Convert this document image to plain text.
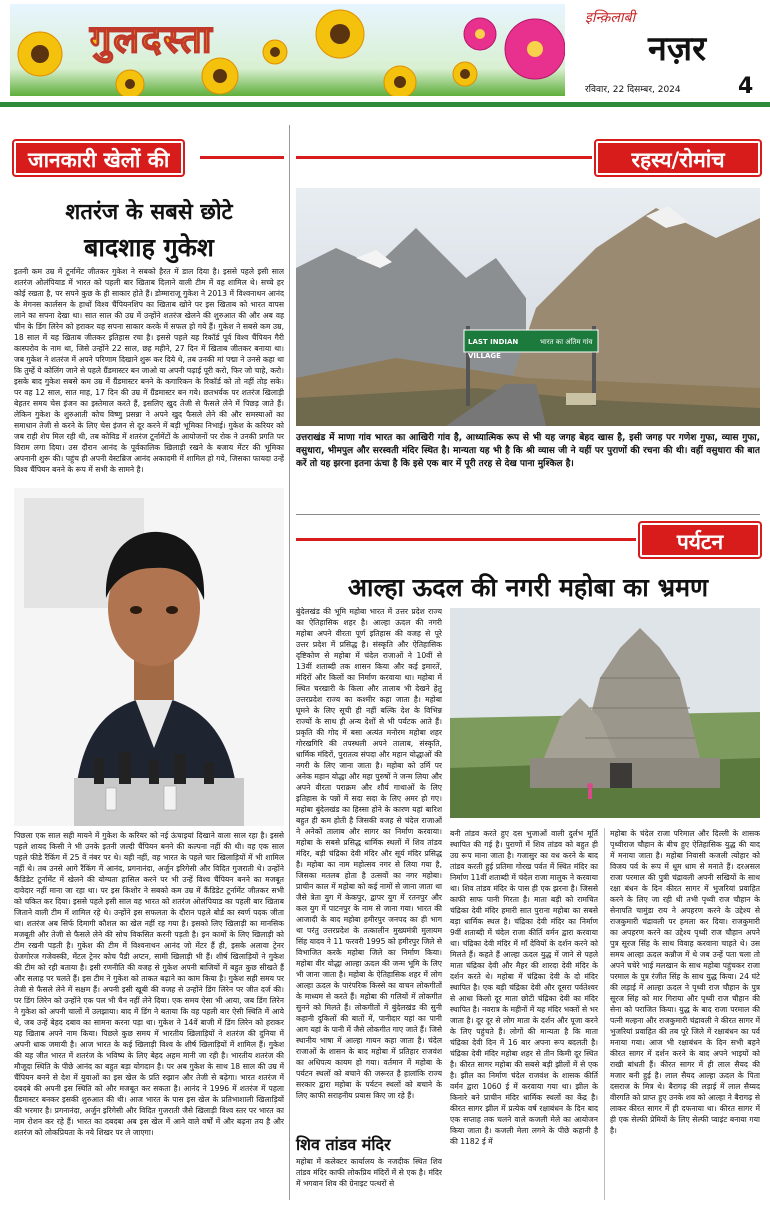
गुलदस्ता	इन्क़िलाबी
नज़र
रविवार, 22 दिसम्बर, 2024	4
जानकारी खेलों की
शतरंज के सबसे छोटे
बादशाह गुकेश
इतनी कम उम्र में टूर्नामेंट जीतकर गुकेश ने सबको हैरत में डाल दिया है। इससे पहले इसी साल शतरंज ओलंपियाड में भारत को पहली बार खिताब दिलाने वाली टीम में वह शामिल थे। सच्चे हर कोई रखता है, पर सपने कुछ के ही साकार होते हैं। डोम्माराजू गुकेश ने 2013 में विश्वनाथन आनंद के मेगनस कार्लसन के हाथों विश्व चैंपियनशिप का खिताब खोने पर इस खिताब को भारत वापस लाने का सपना देखा था। सात साल की उम्र में उन्होंने शतरंज खेलने की शुरुआत की और अब वह चीन के डिंग लिरेन को हराकर यह सपना साकार करके में सफल हो गये हैं। गुकेश ने सबसे कम उम्र, 18 साल में यह खिताब जीतकर इतिहास रचा है। इससे पहले यह रिकॉर्ड पूर्व विश्व चैंपियन गैरी कास्परोव के नाम था, जिसे उन्होंने 22 साल, छह महीने, 27 दिन में खिताब जीतकर बनाया था। जब गुकेश ने शतरंज में अपने परिणाम दिखाने शुरू कर दिये थे, तब उनकी मां पद्मा ने उनसे कहा था कि तुम्हें ये कोलिंग जाने से पहले ग्रैंडमास्टर बन जाओ या अपनी पढ़ाई पूरी करो, फिर जो चाहे, करो। इसके बाद गुकेश सबसे कम उम्र में ग्रैंडमास्टर बनने के कगारिकन के रिकॉर्ड को तो नहीं तोड़ सके। पर वह 12 साल, सात माह, 17 दिन की उम्र में ग्रैंडमास्टर बन गये। छतभर्वक पर शतरंज खिलाड़ी बेहतर समय चेस इंजन का इस्तेमाल करते हैं, इसलिए खुद तेजी से फैसले लेने में पिछड़ जाते हैं। लेकिन गुकेश के शुरुआती कोच विष्णु प्रसन्ना ने अपने खुद फैसले लेने की और समस्याओं का समाधान तेजी से करने के लिए चेस इंजन से दूर करने में बड़ी भूमिका निभाई। गुकेश के करियर को जब राही शेप मिल रही थी, तब कोविड में शतरंज टूर्नामेंटों के आयोजनों पर रोक ने उनकी प्रगति पर विराम लगा दिया। उस दौरान आनंद के पूर्वकालिक खिलाड़ी रखने के बजाय मेंटर की भूमिका अपनानी शुरू की। पहुंच ही अपनी वेस्टब्रिज आनंद अकादमी में शामिल हो गये, जिसका फायदा उन्हें विश्व चैंपियन बनने के रूप में सभी के सामने है।
पिछला एक साल सही मायने में गुकेश के करियर को नई ऊंचाइयां दिखाने वाला साल रहा है। इससे पहले शायद किसी ने भी उनके इतनी जल्दी चैंपियन बनने की कल्पना नहीं की थी। वह एक साल पहले फीडे रैंकिंग में 25 वें नंबर पर थे। यही नहीं, वह भारत के पहले चार खिलाड़ियों में भी शामिल नहीं थे। तब उनसे आगे रैंकिंग में आनंद, प्रगनानंदा, अर्जुन इरिगेसी और विदित गुजराती थे। उन्होंने कैंडिडेट टूर्नामेंट में खेलने की योग्यता हासिल करने पर भी उन्हें विश्व चैंपियन बनने का मजबूत दावेदार नहीं माना जा रहा था। पर इस किशोर ने सबको कम उम्र में कैंडिडेट टूर्नामेंट जीतकर सभी को चकित कर दिया। इससे पहले इसी साल वह भारत को शतरंज ओलंपियाड का पहली बार खिताब जिताने वाली टीम में शामिल रहे थे। उन्होंने इस सफलता के दौरान पहले बोर्ड का स्वर्ण पदक जीता था। शतरंज अब सिर्फ दिमागी कौशल का खेल नहीं रह गया है। इसको लिए खिलाड़ी का मानसिक मजबूती और तेजी से फैसले लेने की सोच विकसित करनी पड़ती है। इन कामों के लिए खिलाड़ी को टीम रखनी पड़ती है। गुकेश की टीम में विश्वनाथन आनंद जो मेंटर हैं ही, इसके अलावा ट्रेनर ग्रेजगोरज गजेवस्की, मेंटल ट्रेनर कोच पैडी अप्टन, सामी खिलाड़ी भी हैं। शीर्ष खिलाड़ियों ने गुकेश की टीम को रही बताया है। इसी रणनीति की वजह से गुकेश अपनी बाजियों में बहुत कुछ सीखते हैं और सलाह पर चलते हैं। इस टीम ने गुकेश को ताकत बढ़ाने का काम किया है। गुकेश सही समय पर तेजी से फैसले लेने में सक्षम हैं। अपनी इसी खूबी की वजह से उन्होंने डिंग लिरेन पर जीत दर्ज की। पर डिंग लिरेन को उन्होंने एक पल भी चैन नहीं लेने दिया। एक समय ऐसा भी आया, जब डिंग लिरेन ने गुकेश को अपनी चालों में उलझाया। बाद में डिंग ने बताया कि वह पहली बार ऐसी स्थिति में आये थे, जब उन्हें बेहद दबाव का सामना करना पड़ा था। गुकेश ने 14वें बाजी में डिंग लिरेन को हराकर यह खिताब अपने नाम किया। पिछले कुछ समय में भारतीय खिलाड़ियों ने शतरंज की दुनिया में अपनी धाक जमायी है। आज भारत के कई खिलाड़ी विश्व के शीर्ष खिलाड़ियों में शामिल हैं। गुकेश की यह जीत भारत में शतरंज के भविष्य के लिए बेहद अहम मानी जा रही है। भारतीय शतरंज की मौजूदा स्थिति के पीछे आनंद का बहुत बड़ा योगदान है। पर अब गुकेश के साथ 18 साल की उम्र में चैंपियन बनने से देश में युवाओं का इस खेल के प्रति रुझान और तेजी से बढ़ेगा। भारत शतरंज में दबदबे की अपनी इस स्थिति को और मजबूत कर सकता है। आनंद ने 1996 में शतरंज में पहला ग्रैंडमास्टर बनकर इसकी शुरुआत की थी। आज भारत के पास इस खेल के प्रतिभाशाली खिलाड़ियों की भरमार है। प्रगनानंदा, अर्जुन इरिगेसी और विदित गुजराती जैसे खिलाड़ी विश्व स्तर पर भारत का नाम रोशन कर रहे हैं। भारत का दबदबा अब इस खेल में आने वाले वर्षों में और बढ़ना तय है और शतरंज को लोकप्रियता के नये शिखर पर ले जाएगा।
रहस्य/रोमांच
LAST INDIAN VILLAGE
भारत का अंतिम गांव
उत्तराखंड में माणा गांव भारत का आखिरी गांव है, आध्यात्मिक रूप से भी यह जगह बेहद खास है, इसी जगह पर गणेश गुफा, व्यास गुफा, वसुधारा, भीमपुल और सरस्वती मंदिर स्थित है। मान्यता यह भी है कि श्री व्यास जी ने यहीं पर पुराणों की रचना की थी। वहीं वसुधारा की बात करें तो यह झरना इतना ऊंचा है कि इसे एक बार में पूरी तरह से देख पाना मुश्किल है।
पर्यटन
आल्हा ऊदल की नगरी महोबा का भ्रमण
बुंदेलखंड की भूमि महोबा भारत में उत्तर प्रदेश राज्य का ऐतिहासिक शहर है। आल्हा ऊदल की नगरी महोबा अपने वीरता पूर्ण इतिहास की वजह से पूरे उत्तर प्रदेश में प्रसिद्ध है। संस्कृति और ऐतिहासिक दृष्टिकोण से महोबा में चंदेल राजाओं ने 10वीं से 13वीं शताब्दी तक शासन किया और कई इमारतें, मंदिरों और किलों का निर्माण करवाया था। महोबा में स्थित चरखारी के किला और तालाब भी देखने हेतु उत्तरप्रदेश राज्य का कश्मीर कहा जाता है। महोबा घूमने के लिए सूची ही नहीं बल्कि देश के विभिन्न राज्यों के साथ ही अन्य देशों से भी पर्यटक आते हैं। प्रकृति की गोद में बसा अत्यंत मनोरम महोबा शहर गोरखगिरि की तपस्थली अपने तालाब, संस्कृति, धार्मिक मंदिरों, पुरातत्व संपदा और महान योद्धाओं की नगरी के लिए जाना जाता है। महोबा को उर्मि पर अनेक महान योद्धा और महा पुरुषों ने जन्म लिया और अपने वीरता पराक्रम और शौर्य गाथाओं के लिए इतिहास के पन्नों में सदा सदा के लिए अमर हो गए। महोबा बुंदेलखंड का हिस्सा होने के कारण यहां बारिश बहुत ही कम होती है जिसकी वजह से चंदेल राजाओं ने अनेकों तालाब और सागर का निर्माण करवाया। महोबा के सबसे प्रसिद्ध धार्मिक स्थलों में शिव तांडव मंदिर, बड़ी चंद्रिका देवी मंदिर और सूर्य मंदिर प्रसिद्ध है। महोबा का नाम महोत्सव नगर से लिया गया है, जिसका मतलब होता है उत्सवों का नगर महोबा। प्राचीन काल में महोबा को कई नामों से जाना जाता था जैसे त्रेता युग में केकपुर, द्वापर युग में रतनपुर और कल युग में पाटनपुर के नाम से जाना गया। भारत की आजादी के बाद महोबा हमीरपुर जनपद का ही भाग था परंतु उत्तरप्रदेश के तत्कालीन मुख्यमंत्री मुलायम सिंह यादव ने 11 फरवरी 1995 को हमीरपुर जिले से विभाजित करके महोबा जिले का निर्माण किया। महोबा वीर योद्धा आल्हा ऊदल की जन्म भूमि के लिए भी जाना जाता है। महोबा के ऐतिहासिक शहर में लोग आल्हा ऊदल के पारंपरिक किस्से का वाचन लोकगीतों के माध्यम से करते हैं। महोबा की गलियों में लोकगीत सुनने को मिलते हैं। लोकगीतों में बुंदेलखंड की सुनी कहानी दुकिलों की बातों में, पानीदार यहां का पानी आग यहां के पानी में जैसे लोकगीत गाए जाते हैं। जिसे स्थानीय भाषा में आल्हा गायन कहा जाता है। चंदेल राजाओं के शासन के बाद महोबा में प्रतिहार राजवंश का अधिपत्य कायम हो गया। वर्तमान में महोबा के पर्यटन स्थलों को बचाने की जरूरत है हालांकि राज्य सरकार द्वारा महोबा के पर्यटन स्थलों को बचाने के लिए काफी सराहनीय प्रयास किए जा रहे हैं।
शिव तांडव मंदिर
महोबा में कलेक्टर कार्यालय के नजदीक स्थित शिव तांडव मंदिर काफी लोकप्रिय मंदिरों में से एक है। मंदिर में भगवान शिव की ग्रेनाइट पत्थरों से
बनी तांडव करते हुए दस भुजाओं वाली दुर्लभ मूर्ति स्थापित की गई है। पुराणों में शिव तांडव को बहुत ही उग्र रूप माना जाता है। गजासुर का वध करने के बाद तांडव करती हुई प्रतिमा गोरख पर्वत में स्थित मंदिर का निर्माण 11वीं शताब्दी में चंदेल राजा मालुक ने करवाया था। शिव तांडव मंदिर के पास ही एक झरना है। जिससे काफी साफ पानी गिरता है। माता बड़ी को रामचित चंद्रिका देवी मंदिर हमारी सात पुराना महोबा का सबसे बड़ा धार्मिक स्थल है। चंद्रिका देवी मंदिर का निर्माण 9वीं शताब्दी में चंदेल राजा कीर्ति वर्मन द्वारा करवाया था। चंद्रिका देवी मंदिर में माँ देवियों के दर्शन करने को मिलते हैं। कहते हैं आल्हा ऊदल युद्ध में जाने से पहले माता चंद्रिका देवी और मैहर की शारदा देवी मंदिर के दर्शन करते थे। महोबा में चंद्रिका देवी के दो मंदिर स्थापित है। एक बड़ी चंद्रिका देवी और दूसरा पर्वतेश्वर से आधा किलो दूर माता छोटी चंद्रिका देवी का मंदिर स्थापित है। नवरात्र के महीनों में यह मंदिर भक्तों से भर जाता है। दूर दूर से लोग माता के दर्शन और पूजा करने के लिए पहुंचते हैं। लोगों की मान्यता है कि माता चंद्रिका देवी दिन में 16 बार अपना रूप बदलती है। चंद्रिका देवी मंदिर महोबा शहर से तीन किमी दूर स्थित है। कीरत सागर महोबा की सबसे बड़ी झीलों में से एक है। झील का निर्माण चंदेल राजवंश के शासक कीर्ति वर्मन द्वारा 1060 ई में करवाया गया था। झील के किनारे बने प्राचीन मंदिर धार्मिक स्थलों का केंद्र है। कीरत सागर झील में प्रत्येक वर्ष रक्षाबंधन के दिन बाद एक सप्ताह तक चलने वाले कजली मेले का आयोजन किया जाता है। कजली मेला लगने के पीछे कहानी है की 1182 ई में
महोबा के चंदेल राजा परिमाल और दिल्ली के शासक पृथ्वीराज चौहान के बीच हुए ऐतिहासिक युद्ध की याद में मनाया जाता है। महोबा निवासी कजली त्योहार को विजय पर्व के रूप में धूम धाम से मनाते हैं। दरअसल राजा परमाल की पुत्री चंद्रावली अपनी सखियों के साथ रक्षा बंधन के दिन कीरत सागर में भुजरियां प्रवाहित करने के लिए जा रही थी तभी पृथ्वी राज चौहान के सेनापति चामुंडा राय ने अपहरण करने के उद्देश्य से राजकुमारी चंद्रावली पर हमला कर दिया। राजकुमारी का अपहरण करने का उद्देश्य पृथ्वी राज चौहान अपने पुत्र सूरज सिंह के साथ विवाह करवाना चाहते थे। उस समय आल्हा ऊदल कन्नौज में थे जब उन्हें पता चला तो अपने चचेरे भाई मलखान के साथ महोबा पहुंचकर राजा परमाल के पुत्र रंजीत सिंह के साथ युद्ध किया। 24 घंटे की लड़ाई में आल्हा ऊदल ने पृथ्वी राज चौहान के पुत्र सूरज सिंह को मार गिराया और पृथ्वी राज चौहान की सेना को पराजित किया। युद्ध के बाद राजा परमाल की पत्नी मल्हना और राजकुमारी चंद्रावली ने कीरत सागर में भुजरियां प्रवाहित की तब पूरे जिले में रक्षाबंधन का पर्व मनाया गया। आज भी रक्षाबंधन के दिन सभी बहने कीरत सागर में दर्शन करने के बाद अपने भाइयों को राखी बांधती हैं। कीरत सागर में ही लाल सैयद की मजार बनी हुई है। लाल सैयद आल्हा ऊदल के पिता दसराज के मित्र थे। बैरागढ़ की लड़ाई में लाल सैय्यद वीरगति को प्राप्त हुए उनके शव को आल्हा ने बैरागढ़ से लाकर कीरत सागर में ही दफनाया था। कीरत सागर में ही एक सेल्फी प्रेमियों के लिए सेल्फी प्वाइंट बनाया गया है।
